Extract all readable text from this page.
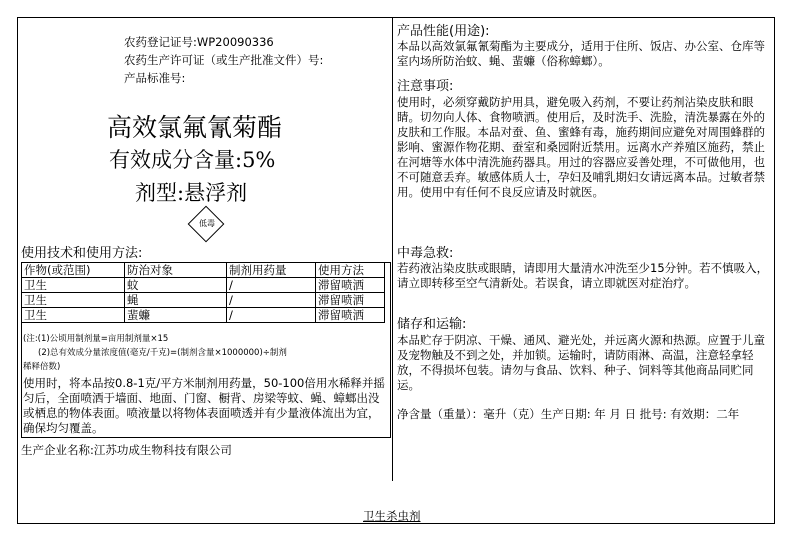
农药登记证号:WP20090336
农药生产许可证（或生产批准文件）号:
产品标准号:
高效氯氟氰菊酯
有效成分含量:5%
剂型:悬浮剂
低毒
使用技术和使用方法:
作物(或范围)	防治对象	制剂用药量	使用方法
卫生	蚊	/	滞留喷洒
卫生	蝇	/	滞留喷洒
卫生	蜚蠊	/	滞留喷洒
(注:(1)公顷用制剂量=亩用制剂量×15
(2)总有效成分量浓度值(毫克/千克)=(制剂含量×1000000)÷制剂
稀释倍数)
使用时，将本品按0.8-1克/平方米制剂用药量，50-100倍用水稀释并摇匀后，全面喷洒于墙面、地面、门窗、橱背、房梁等蚊、蝇、蟑螂出没或栖息的物体表面。喷液量以将物体表面喷透并有少量液体流出为宜，确保均匀覆盖。
生产企业名称:江苏功成生物科技有限公司
产品性能(用途):
本品以高效氯氟氰菊酯为主要成分，适用于住所、饭店、办公室、仓库等室内场所防治蚊、蝇、蜚蠊（俗称蟑螂）。
注意事项:
使用时，必须穿戴防护用具，避免吸入药剂，不要让药剂沾染皮肤和眼睛。切勿向人体、食物喷洒。使用后，及时洗手、洗脸，清洗暴露在外的皮肤和工作服。本品对蚕、鱼、蜜蜂有毒，施药期间应避免对周围蜂群的影响、蜜源作物花期、蚕室和桑园附近禁用。远离水产养殖区施药，禁止在河塘等水体中清洗施药器具。用过的容器应妥善处理，不可做他用，也不可随意丢弃。敏感体质人士，孕妇及哺乳期妇女请远离本品。过敏者禁用。使用中有任何不良反应请及时就医。
中毒急救:
若药液沾染皮肤或眼睛，请即用大量清水冲洗至少15分钟。若不慎吸入，请立即转移至空气清新处。若误食，请立即就医对症治疗。
储存和运输:
本品贮存于阴凉、干燥、通风、避光处，并远离火源和热源。应置于儿童及宠物触及不到之处，并加锁。运输时，请防雨淋、高温，注意轻拿轻放，不得损坏包装。请勿与食品、饮料、种子、饲料等其他商品同贮同运。
净含量（重量）：毫升（克）生产日期: 年 月 日 批号: 有效期：二年
卫生杀虫剂
